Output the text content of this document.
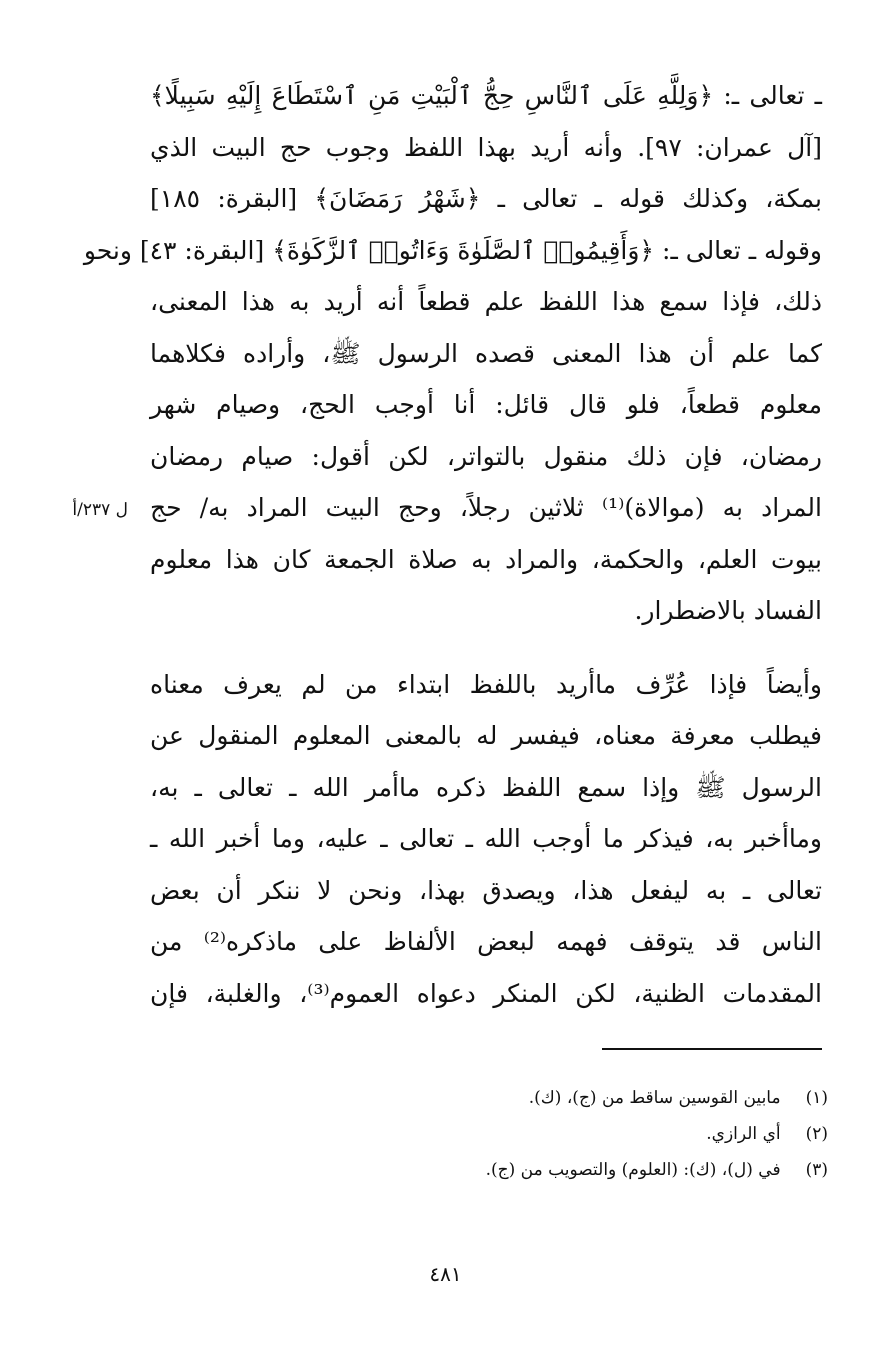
ل ٢٣٧/أ
ـ تعالى ـ: ﴿وَلِلَّهِ عَلَى ٱلنَّاسِ حِجُّ ٱلْبَيْتِ مَنِ ٱسْتَطَاعَ إِلَيْهِ سَبِيلًا﴾
[آل عمران: ٩٧]. وأنه أريد بهذا اللفظ وجوب حج البيت الذي
بمكة، وكذلك قوله ـ تعالى ـ ﴿شَهْرُ رَمَضَانَ﴾ [البقرة: ١٨٥]
وقوله ـ تعالى ـ: ﴿وَأَقِيمُوا۟ ٱلصَّلَوٰةَ وَءَاتُوا۟ ٱلزَّكَوٰةَ﴾ [البقرة: ٤٣] ونحو
ذلك، فإذا سمع هذا اللفظ علم قطعاً أنه أريد به هذا المعنى،
كما علم أن هذا المعنى قصده الرسول ﷺ، وأراده فكلاهما
معلوم قطعاً، فلو قال قائل: أنا أوجب الحج، وصيام شهر
رمضان، فإن ذلك منقول بالتواتر، لكن أقول: صيام رمضان
المراد به (موالاة)⁽¹⁾ ثلاثين رجلاً، وحج البيت المراد به/ حج
بيوت العلم، والحكمة، والمراد به صلاة الجمعة كان هذا معلوم
الفساد بالاضطرار.
وأيضاً فإذا عُرِّف ماأريد باللفظ ابتداء من لم يعرف معناه
فيطلب معرفة معناه، فيفسر له بالمعنى المعلوم المنقول عن
الرسول ﷺ وإذا سمع اللفظ ذكره ماأمر الله ـ تعالى ـ به،
وماأخبر به، فيذكر ما أوجب الله ـ تعالى ـ عليه، وما أخبر الله ـ
تعالى ـ به ليفعل هذا، ويصدق بهذا، ونحن لا ننكر أن بعض
الناس قد يتوقف فهمه لبعض الألفاظ على ماذكره⁽²⁾ من
المقدمات الظنية، لكن المنكر دعواه العموم⁽³⁾، والغلبة، فإن
(١) مابين القوسين ساقط من (ج)، (ك).
(٢) أي الرازي.
(٣) في (ل)، (ك): (العلوم) والتصويب من (ج).
٤٨١
